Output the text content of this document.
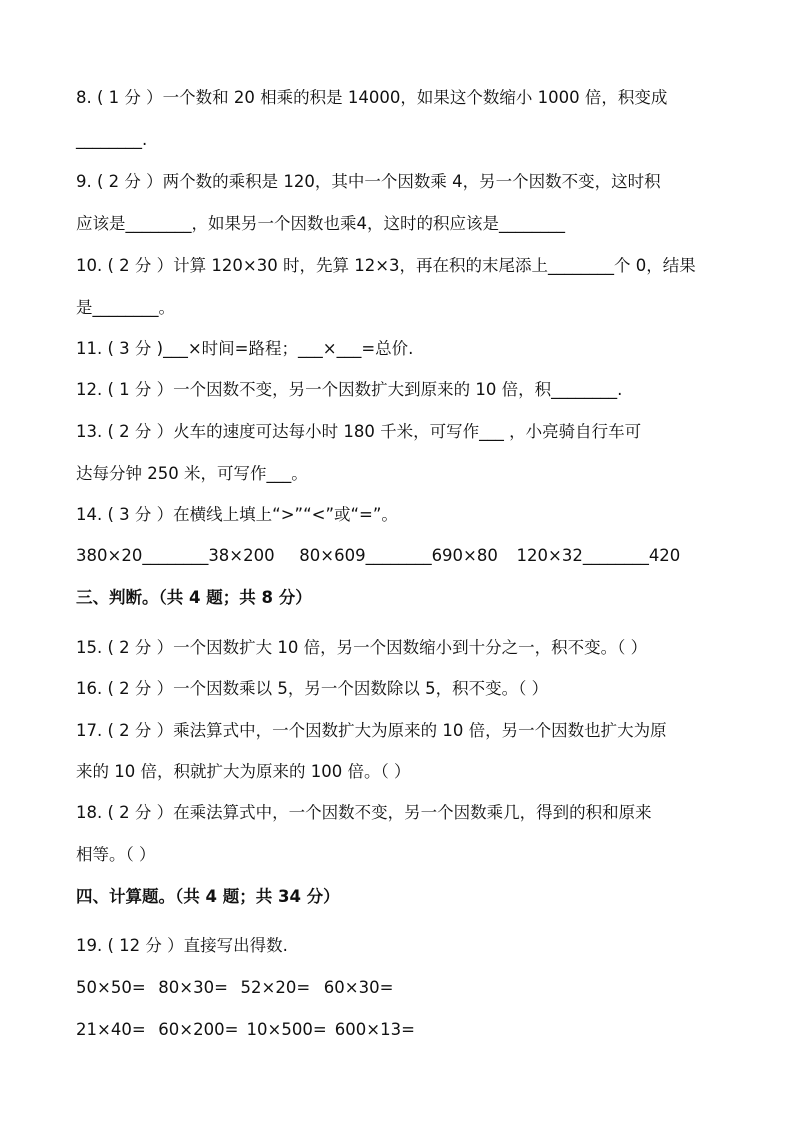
8. ( 1 分 ）一个数和 20 相乘的积是 14000，如果这个数缩小 1000 倍，积变成
________.
9. ( 2 分 ）两个数的乘积是 120，其中一个因数乘 4，另一个因数不变，这时积
应该是________，如果另一个因数也乘4，这时的积应该是________
10. ( 2 分 ）计算 120×30 时，先算 12×3，再在积的末尾添上________个 0，结果
是________。
11. ( 3 分 )___×时间=路程；___×___=总价.
12. ( 1 分 ）一个因数不变，另一个因数扩大到原来的 10 倍，积________.
13. ( 2 分 ）火车的速度可达每小时 180 千米，可写作___ ，小亮骑自行车可
达每分钟 250 米，可写作___。
14. ( 3 分 ）在横线上填上“>”“<”或“=”。
380×20________38×200 80×609________690×80 120×32________420
三、判断。（共 4 题；共 8 分）
15. ( 2 分 ）一个因数扩大 10 倍，另一个因数缩小到十分之一，积不变。（ ）
16. ( 2 分 ）一个因数乘以 5，另一个因数除以 5，积不变。（ ）
17. ( 2 分 ）乘法算式中，一个因数扩大为原来的 10 倍，另一个因数也扩大为原
来的 10 倍，积就扩大为原来的 100 倍。（ ）
18. ( 2 分 ）在乘法算式中，一个因数不变，另一个因数乘几，得到的积和原来
相等。（ ）
四、计算题。（共 4 题；共 34 分）
19. ( 12 分 ）直接写出得数.
50×50= 80×30= 52×20= 60×30=
21×40= 60×200= 10×500= 600×13=
